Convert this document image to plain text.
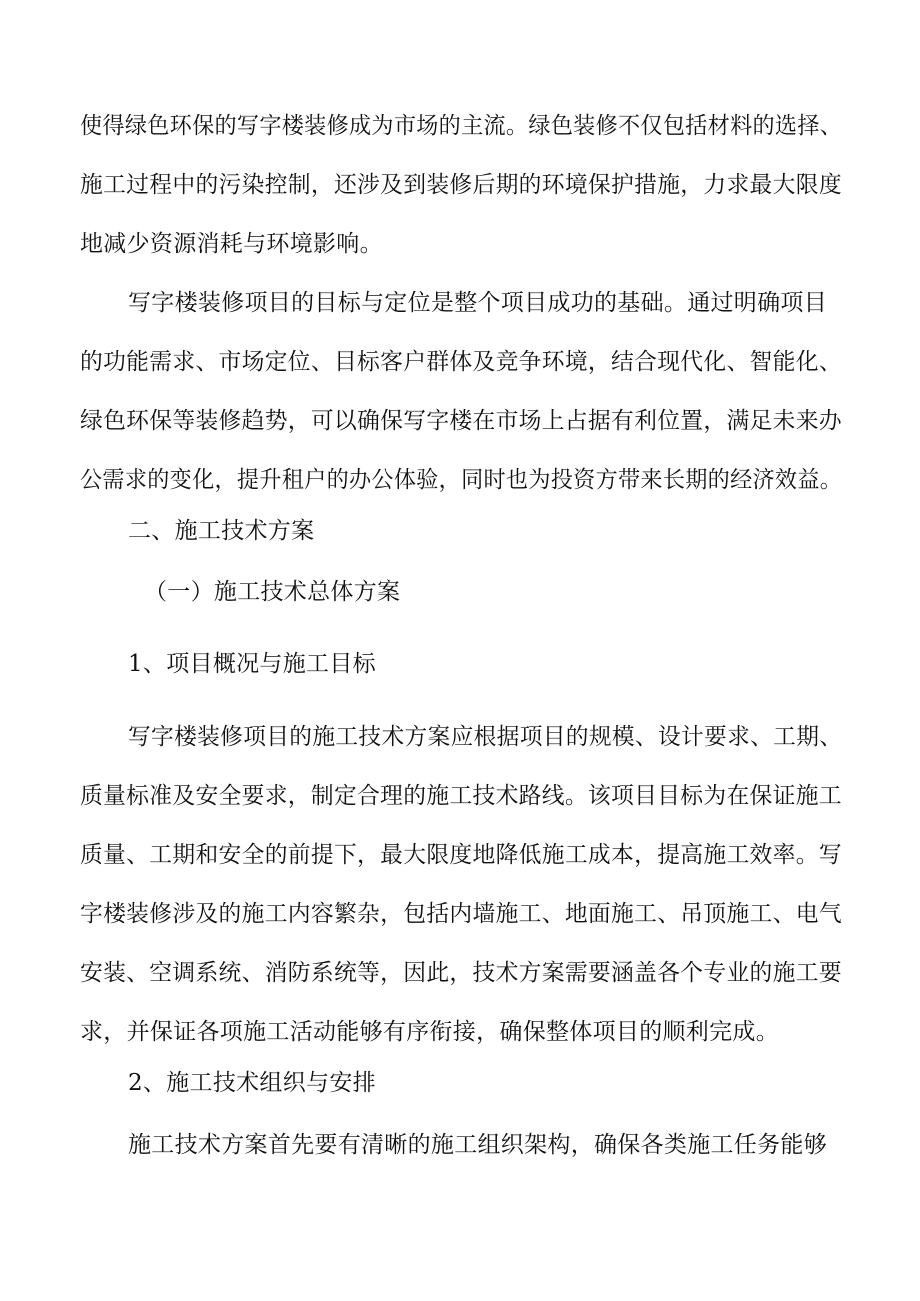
使得绿色环保的写字楼装修成为市场的主流。绿色装修不仅包括材料的选择、
施工过程中的污染控制，还涉及到装修后期的环境保护措施，力求最大限度
地减少资源消耗与环境影响。
写字楼装修项目的目标与定位是整个项目成功的基础。通过明确项目
的功能需求、市场定位、目标客户群体及竞争环境，结合现代化、智能化、
绿色环保等装修趋势，可以确保写字楼在市场上占据有利位置，满足未来办
公需求的变化，提升租户的办公体验，同时也为投资方带来长期的经济效益。
二、施工技术方案
（一）施工技术总体方案
1、项目概况与施工目标
写字楼装修项目的施工技术方案应根据项目的规模、设计要求、工期、
质量标准及安全要求，制定合理的施工技术路线。该项目目标为在保证施工
质量、工期和安全的前提下，最大限度地降低施工成本，提高施工效率。写
字楼装修涉及的施工内容繁杂，包括内墙施工、地面施工、吊顶施工、电气
安装、空调系统、消防系统等，因此，技术方案需要涵盖各个专业的施工要
求，并保证各项施工活动能够有序衔接，确保整体项目的顺利完成。
2、施工技术组织与安排
施工技术方案首先要有清晰的施工组织架构，确保各类施工任务能够
